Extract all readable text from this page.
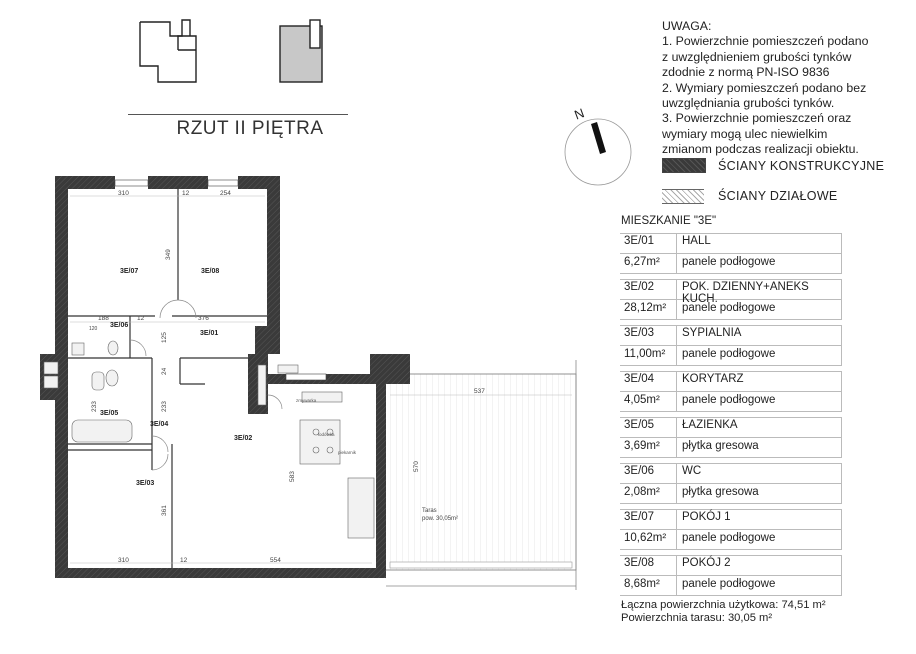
RZUT II PIĘTRA
310	12	254
349
188	12	376
125
24
233	233
361
310	12	554
583
537
570
120
3E/07	3E/08
3E/06
3E/01
3E/05
3E/04
3E/02
3E/03
zmywarka
lodówka
piekarnik
Taras
pow. 30,05m²
N
UWAGA:
1. Powierzchnie pomieszczeń podano
z uwzględnieniem grubości tynków
zdodnie z normą PN-ISO 9836
2. Wymiary pomieszczeń podano bez
uwzględniania grubości tynków.
3. Powierzchnie pomieszczeń oraz
wymiary mogą ulec niewielkim
zmianom podczas realizacji obiektu.
ŚCIANY KONSTRUKCYJNE
ŚCIANY DZIAŁOWE
MIESZKANIE "3E"
3E/01 HALL
6,27m² panele podłogowe
3E/02 POK. DZIENNY+ANEKS KUCH.
28,12m² panele podłogowe
3E/03 SYPIALNIA
11,00m² panele podłogowe
3E/04 KORYTARZ
4,05m² panele podłogowe
3E/05 ŁAZIENKA
3,69m² płytka gresowa
3E/06 WC
2,08m² płytka gresowa
3E/07 POKÓJ 1
10,62m² panele podłogowe
3E/08 POKÓJ 2
8,68m² panele podłogowe
Łączna powierzchnia użytkowa: 74,51 m²
Powierzchnia tarasu: 30,05 m²
